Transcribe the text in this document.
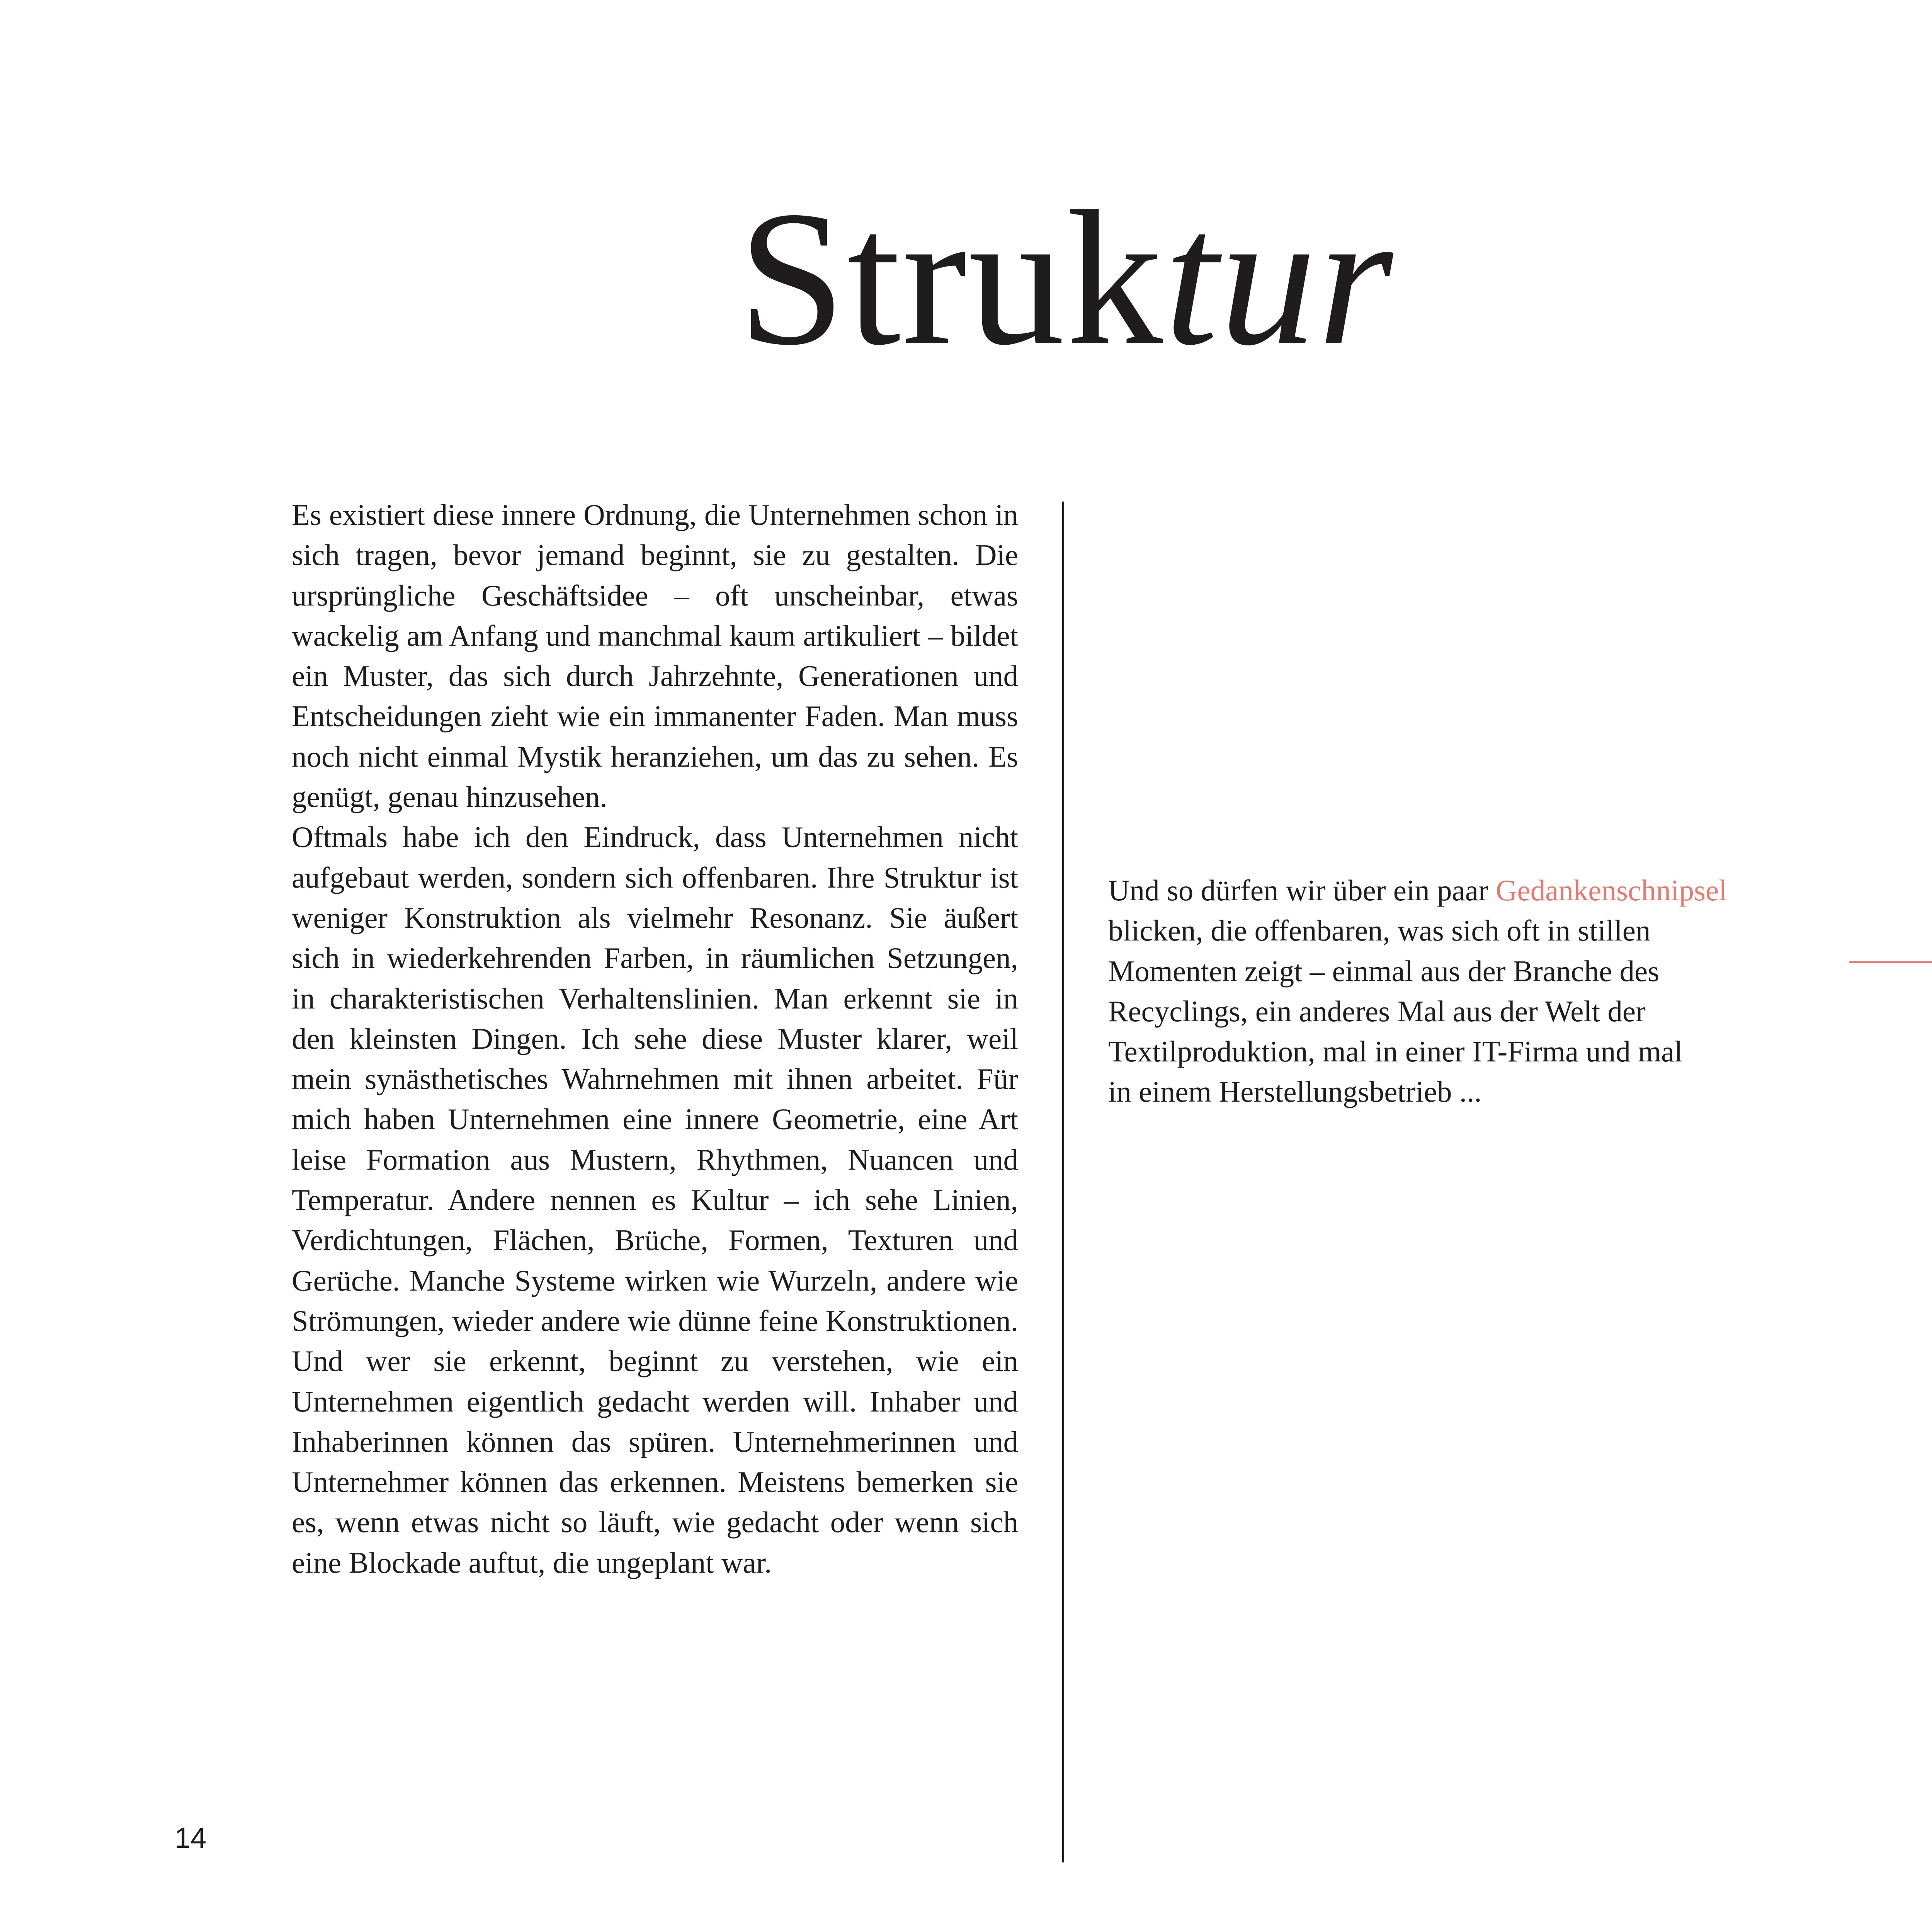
Struktur

Es existiert diese innere Ordnung, die Unternehmen schon in sich tragen, bevor jemand beginnt, sie zu gestalten. Die ursprüngliche Geschäftsidee – oft unscheinbar, etwas wackelig am Anfang und manchmal kaum artikuliert – bildet ein Muster, das sich durch Jahrzehnte, Generationen und Entscheidungen zieht wie ein immanenter Faden. Man muss noch nicht einmal Mystik heranziehen, um das zu sehen. Es genügt, genau hinzusehen.

Oftmals habe ich den Eindruck, dass Unternehmen nicht aufgebaut werden, sondern sich offenbaren. Ihre Struktur ist weniger Konstruktion als vielmehr Resonanz. Sie äußert sich in wiederkehrenden Farben, in räumlichen Setzungen, in charakteristischen Verhaltenslinien. Man erkennt sie in den kleinsten Dingen. Ich sehe diese Muster klarer, weil mein synästhetisches Wahrnehmen mit ihnen arbeitet. Für mich haben Unternehmen eine innere Geometrie, eine Art leise Formation aus Mustern, Rhythmen, Nuancen und Temperatur. Andere nennen es Kultur – ich sehe Linien, Verdichtungen, Flächen, Brüche, Formen, Texturen und Gerüche. Manche Systeme wirken wie Wurzeln, andere wie Strömungen, wieder andere wie dünne feine Konstruktionen. Und wer sie erkennt, beginnt zu verstehen, wie ein Unternehmen eigentlich gedacht werden will. Inhaber und Inhaberinnen können das spüren. Unternehmerinnen und Unternehmer können das erkennen. Meistens bemerken sie es, wenn etwas nicht so läuft, wie gedacht oder wenn sich eine Blockade auftut, die ungeplant war.

Und so dürfen wir über ein paar Gedankenschnipsel
blicken, die offenbaren, was sich oft in stillen
Momenten zeigt – einmal aus der Branche des
Recyclings, ein anderes Mal aus der Welt der
Textilproduktion, mal in einer IT-Firma und mal
in einem Herstellungsbetrieb ...
14
